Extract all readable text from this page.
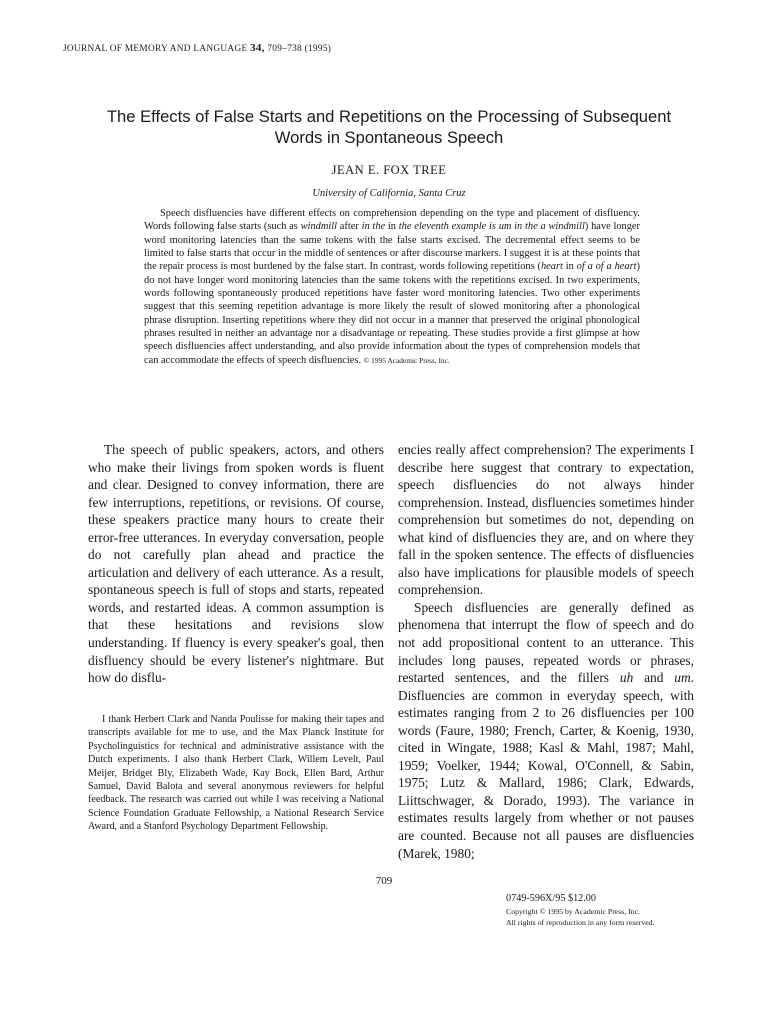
JOURNAL OF MEMORY AND LANGUAGE 34, 709–738 (1995)
The Effects of False Starts and Repetitions on the Processing of Subsequent Words in Spontaneous Speech
JEAN E. FOX TREE
University of California, Santa Cruz

Speech disfluencies have different effects on comprehension depending on the type and placement of disfluency. Words following false starts (such as windmill after in the in the eleventh example is um in the a windmill) have longer word monitoring latencies than the same tokens with the false starts excised. The decremental effect seems to be limited to false starts that occur in the middle of sentences or after discourse markers. I suggest it is at these points that the repair process is most burdened by the false start. In contrast, words following repetitions (heart in of a of a heart) do not have longer word monitoring latencies than the same tokens with the repetitions excised. In two experiments, words following spontaneously produced repetitions have faster word monitoring latencies. Two other experiments suggest that this seeming repetition advantage is more likely the result of slowed monitoring after a phonological phrase disruption. Inserting repetitions where they did not occur in a manner that preserved the original phonological phrases resulted in neither an advantage nor a disadvantage or repeating. These studies provide a first glimpse at how speech disfluencies affect understanding, and also provide information about the types of comprehension models that can accommodate the effects of speech disfluencies. © 1995 Academic Press, Inc.

The speech of public speakers, actors, and others who make their livings from spoken words is fluent and clear. Designed to convey information, there are few interruptions, repetitions, or revisions. Of course, these speakers practice many hours to create their error-free utterances. In everyday conversation, people do not carefully plan ahead and practice the articulation and delivery of each utterance. As a result, spontaneous speech is full of stops and starts, repeated words, and restarted ideas. A common assumption is that these hesitations and revisions slow understanding. If fluency is every speaker's goal, then disfluency should be every listener's nightmare. But how do disflu-

encies really affect comprehension? The experiments I describe here suggest that contrary to expectation, speech disfluencies do not always hinder comprehension. Instead, disfluencies sometimes hinder comprehension but sometimes do not, depending on what kind of disfluencies they are, and on where they fall in the spoken sentence. The effects of disfluencies also have implications for plausible models of speech comprehension.

Speech disfluencies are generally defined as phenomena that interrupt the flow of speech and do not add propositional content to an utterance. This includes long pauses, repeated words or phrases, restarted sentences, and the fillers uh and um. Disfluencies are common in everyday speech, with estimates ranging from 2 to 26 disfluencies per 100 words (Faure, 1980; French, Carter, & Koenig, 1930, cited in Wingate, 1988; Kasl & Mahl, 1987; Mahl, 1959; Voelker, 1944; Kowal, O'Connell, & Sabin, 1975; Lutz & Mallard, 1986; Clark, Edwards, Liittschwager, & Dorado, 1993). The variance in estimates results largely from whether or not pauses are counted. Because not all pauses are disfluencies (Marek, 1980;

I thank Herbert Clark and Nanda Poulisse for making their tapes and transcripts available for me to use, and the Max Planck Institute for Psycholinguistics for technical and administrative assistance with the Dutch experiments. I also thank Herbert Clark, Willem Levelt, Paul Meijer, Bridget Bly, Elizabeth Wade, Kay Bock, Ellen Bard, Arthur Samuel, David Balota and several anonymous reviewers for helpful feedback. The research was carried out while I was receiving a National Science Foundation Graduate Fellowship, a National Research Service Award, and a Stanford Psychology Department Fellowship.

709
0749-596X/95 $12.00
Copyright © 1995 by Academic Press, Inc.
All rights of reproduction in any form reserved.
